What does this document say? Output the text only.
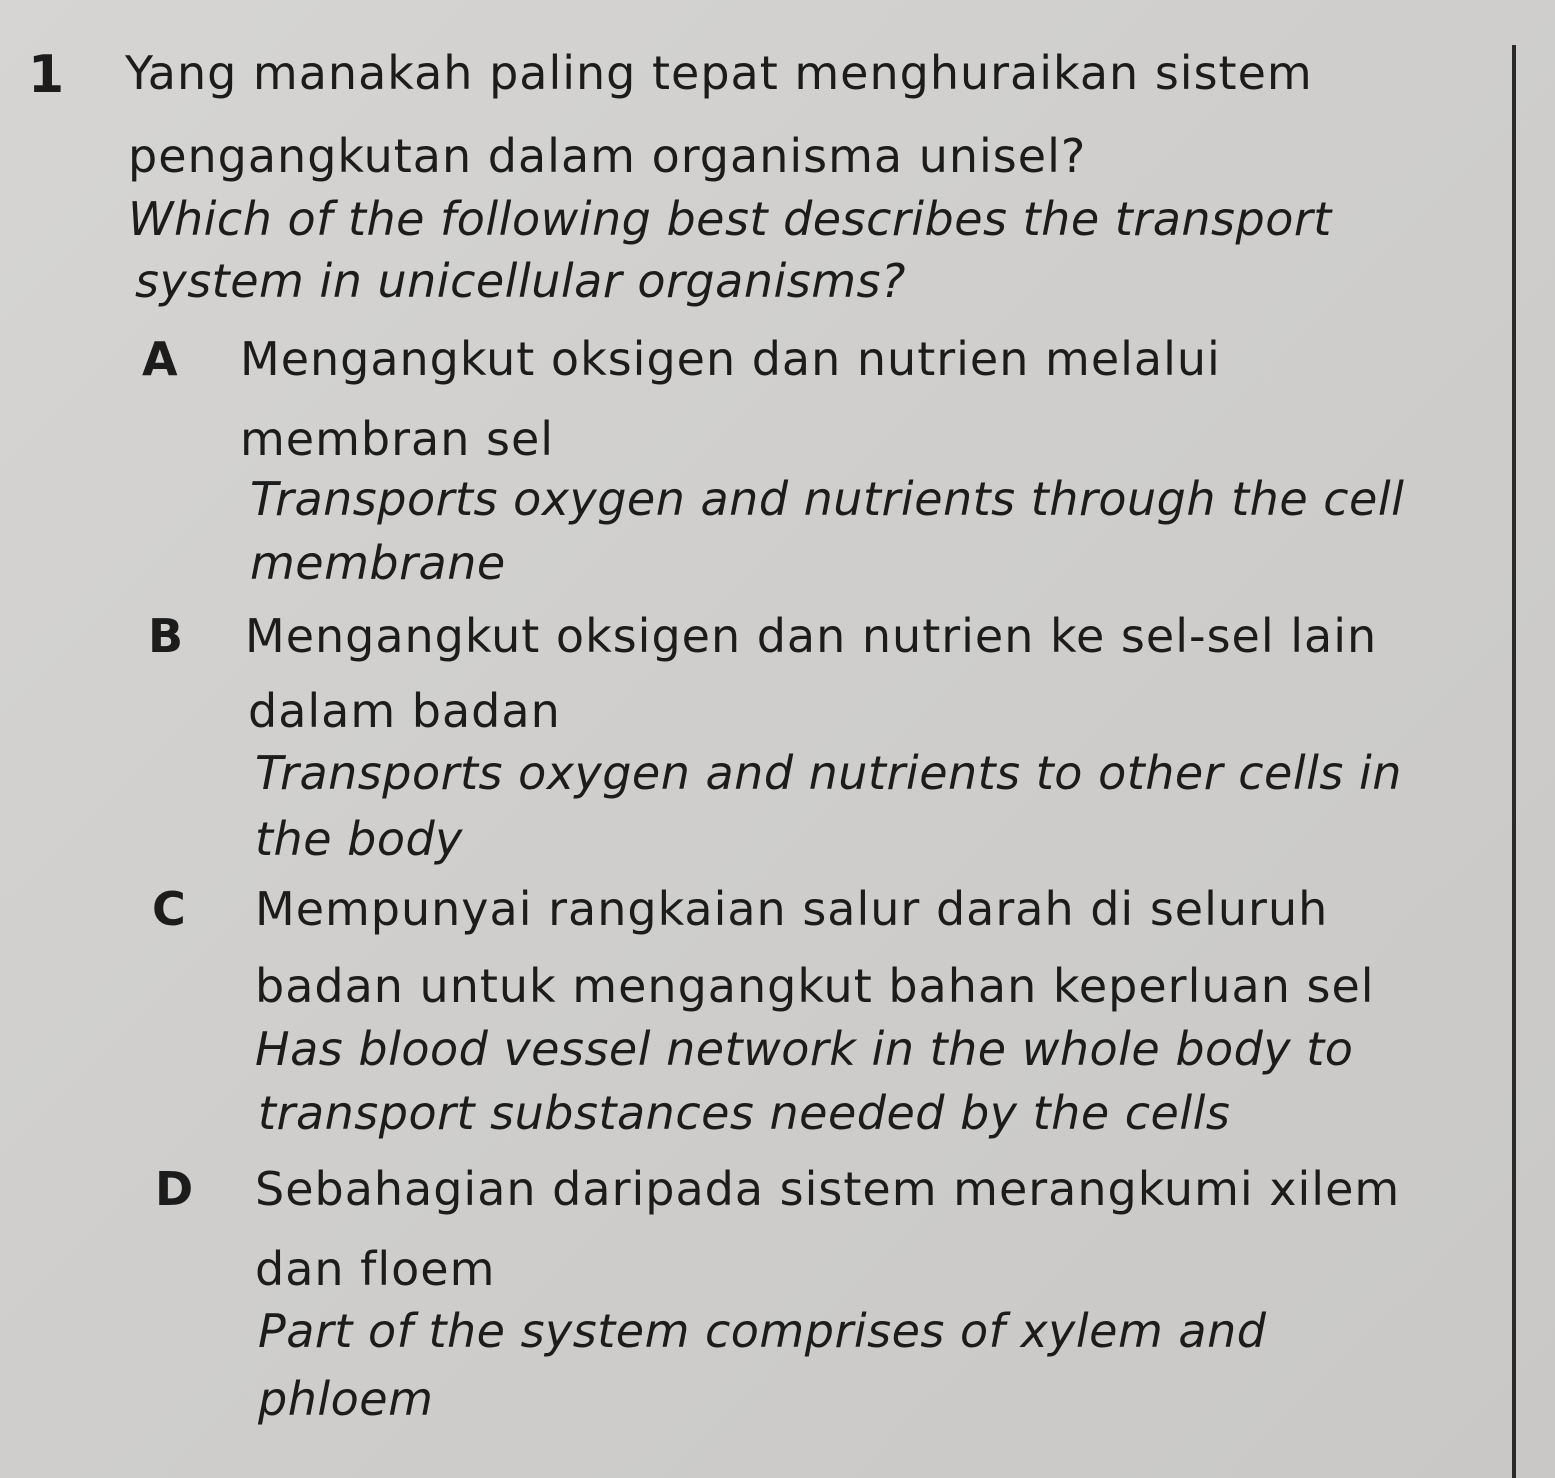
1 Yang manakah paling tepat menghuraikan sistem
pengangkutan dalam organisma unisel?
Which of the following best describes the transport
system in unicellular organisms?
A Mengangkut oksigen dan nutrien melalui
membran sel
Transports oxygen and nutrients through the cell
membrane
B Mengangkut oksigen dan nutrien ke sel-sel lain
dalam badan
Transports oxygen and nutrients to other cells in
the body
C Mempunyai rangkaian salur darah di seluruh
badan untuk mengangkut bahan keperluan sel
Has blood vessel network in the whole body to
transport substances needed by the cells
D Sebahagian daripada sistem merangkumi xilem
dan floem
Part of the system comprises of xylem and
phloem
